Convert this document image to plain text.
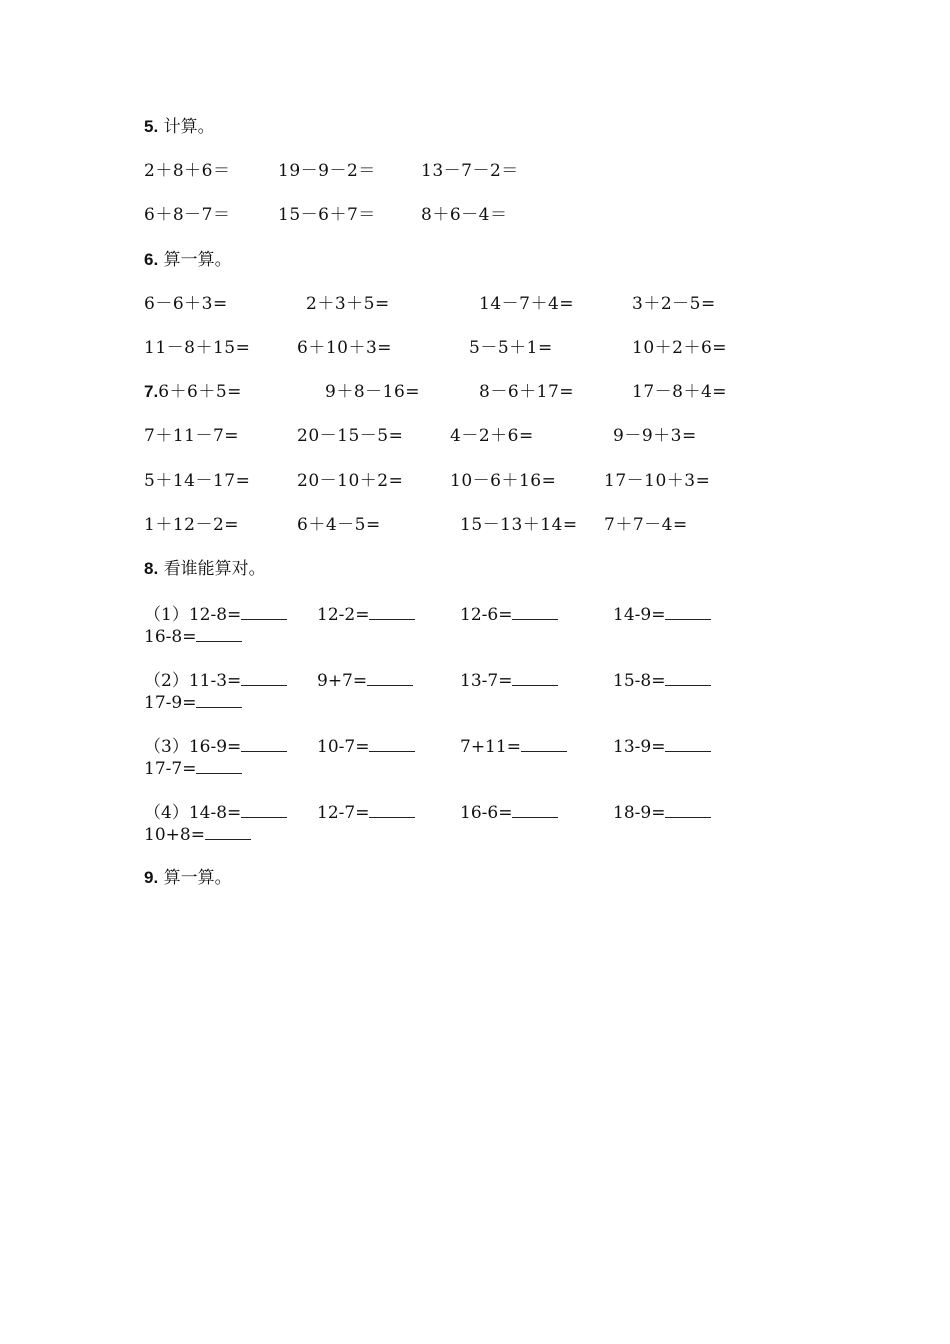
5. 计算。
2＋8＋6＝	19－9－2＝	13－7－2＝
6＋8－7＝	15－6＋7＝	8＋6－4＝
6. 算一算。
6－6＋3=	2＋3＋5=	14－7＋4=	3＋2－5=
11－8＋15=	6＋10＋3=	5－5＋1=	10＋2＋6=
7.6＋6＋5=	9＋8－16=	8－6＋17=	17－8＋4=
7＋11－7=	20－15－5=	4－2＋6=	9－9＋3=
5＋14－17=	20－10＋2=	10－6＋16=	17－10＋3=
1＋12－2=	6＋4－5=	15－13＋14= 7＋7－4=
8. 看谁能算对。
（1）12-8=	12-2=	12-6=	14-9=
16-8=
（2）11-3=	9+7=	13-7=	15-8=
17-9=
（3）16-9=	10-7=	7+11=	13-9=
17-7=
（4）14-8=	12-7=	16-6=	18-9=
10+8=
9. 算一算。
